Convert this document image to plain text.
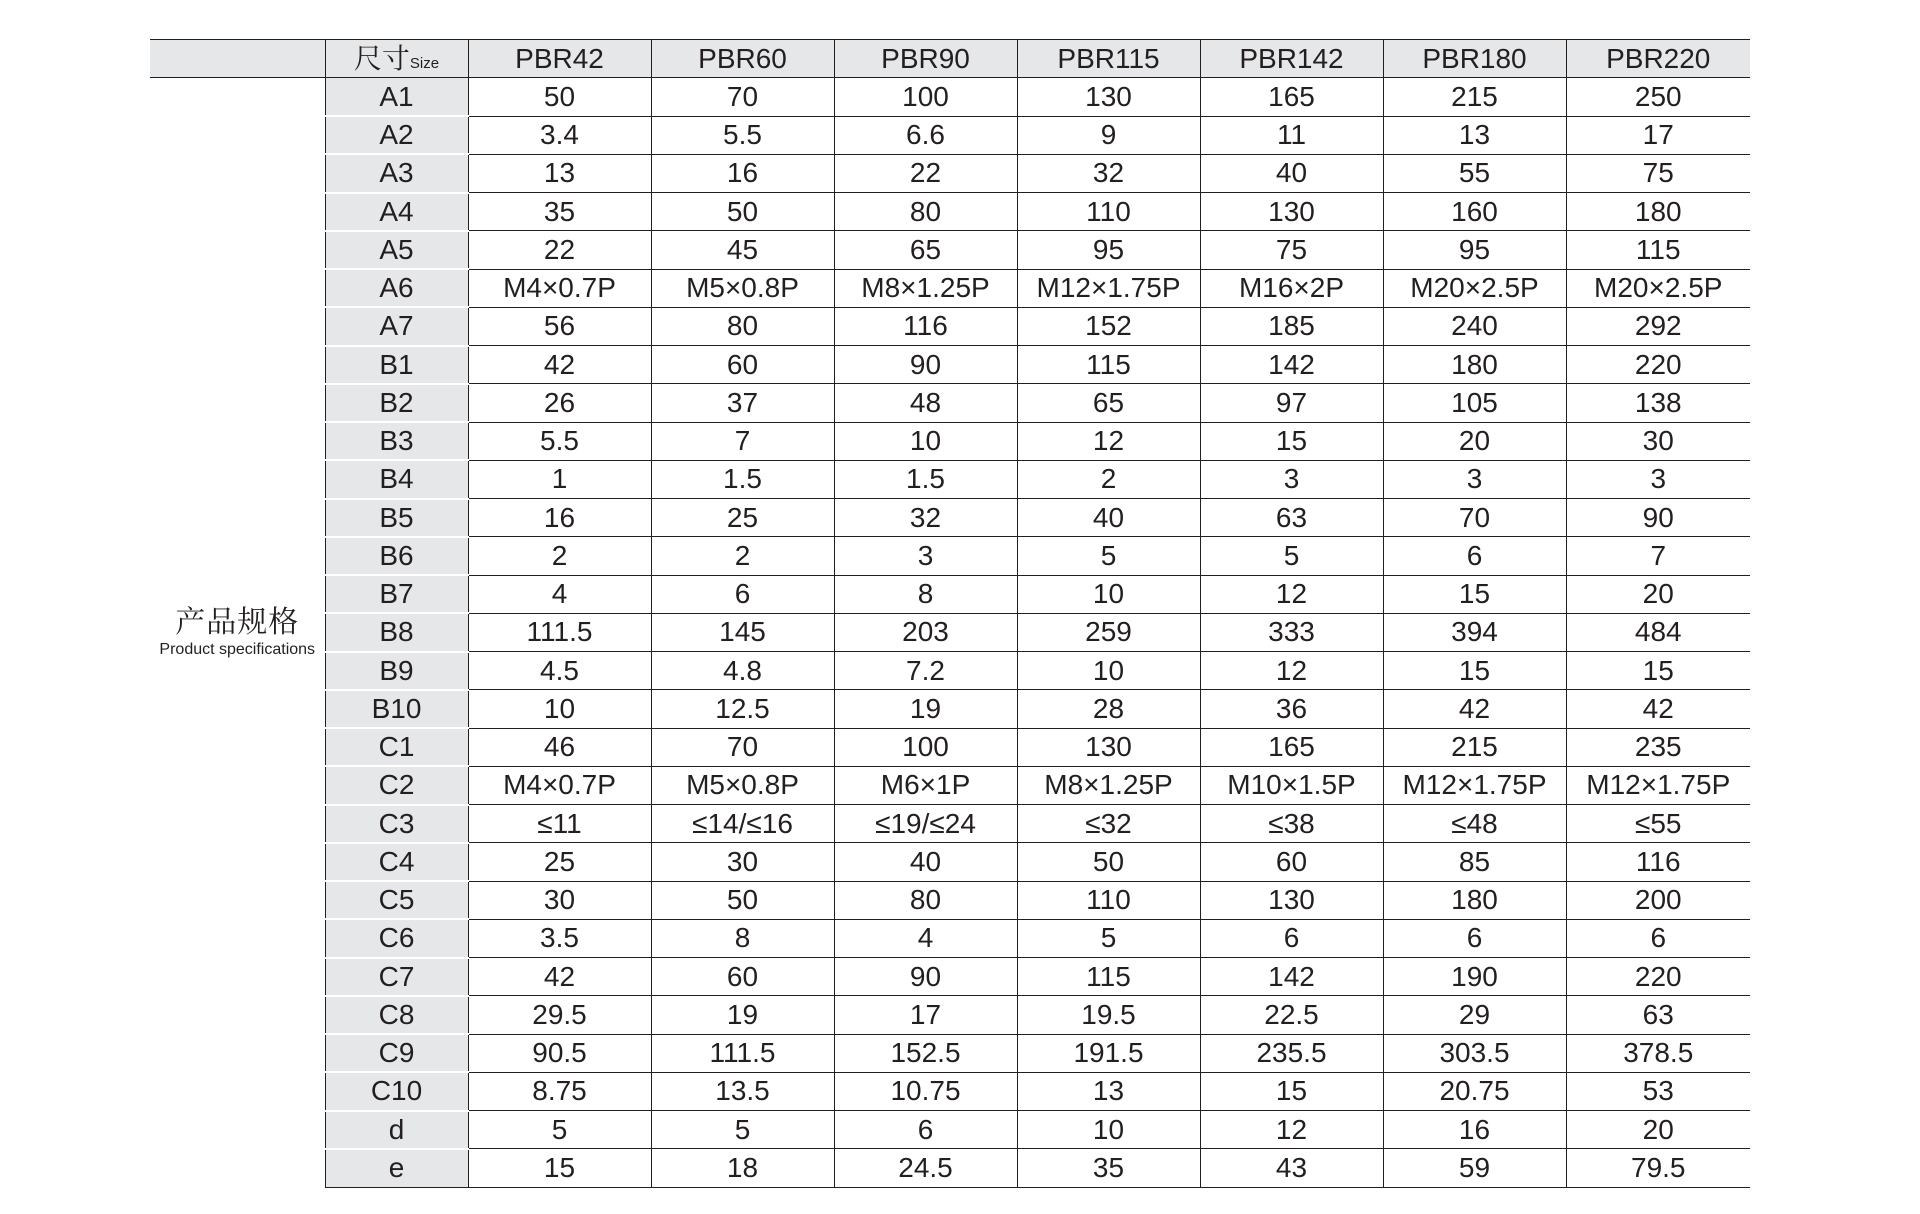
	尺寸Size	PBR42	PBR60	PBR90	PBR115	PBR142	PBR180	PBR220

产品规格
Product specifications	A1	50	70	100	130	165	215	250
	A2	3.4	5.5	6.6	9	11	13	17
	A3	13	16	22	32	40	55	75
	A4	35	50	80	110	130	160	180
	A5	22	45	65	95	75	95	115
	A6	M4×0.7P	M5×0.8P	M8×1.25P	M12×1.75P	M16×2P	M20×2.5P	M20×2.5P
	A7	56	80	116	152	185	240	292
	B1	42	60	90	115	142	180	220
	B2	26	37	48	65	97	105	138
	B3	5.5	7	10	12	15	20	30
	B4	1	1.5	1.5	2	3	3	3
	B5	16	25	32	40	63	70	90
	B6	2	2	3	5	5	6	7
	B7	4	6	8	10	12	15	20
	B8	111.5	145	203	259	333	394	484
	B9	4.5	4.8	7.2	10	12	15	15
	B10	10	12.5	19	28	36	42	42
	C1	46	70	100	130	165	215	235
	C2	M4×0.7P	M5×0.8P	M6×1P	M8×1.25P	M10×1.5P	M12×1.75P	M12×1.75P
	C3	≤11	≤14/≤16	≤19/≤24	≤32	≤38	≤48	≤55
	C4	25	30	40	50	60	85	116
	C5	30	50	80	110	130	180	200
	C6	3.5	8	4	5	6	6	6
	C7	42	60	90	115	142	190	220
	C8	29.5	19	17	19.5	22.5	29	63
	C9	90.5	111.5	152.5	191.5	235.5	303.5	378.5
	C10	8.75	13.5	10.75	13	15	20.75	53
	d	5	5	6	10	12	16	20
	e	15	18	24.5	35	43	59	79.5
